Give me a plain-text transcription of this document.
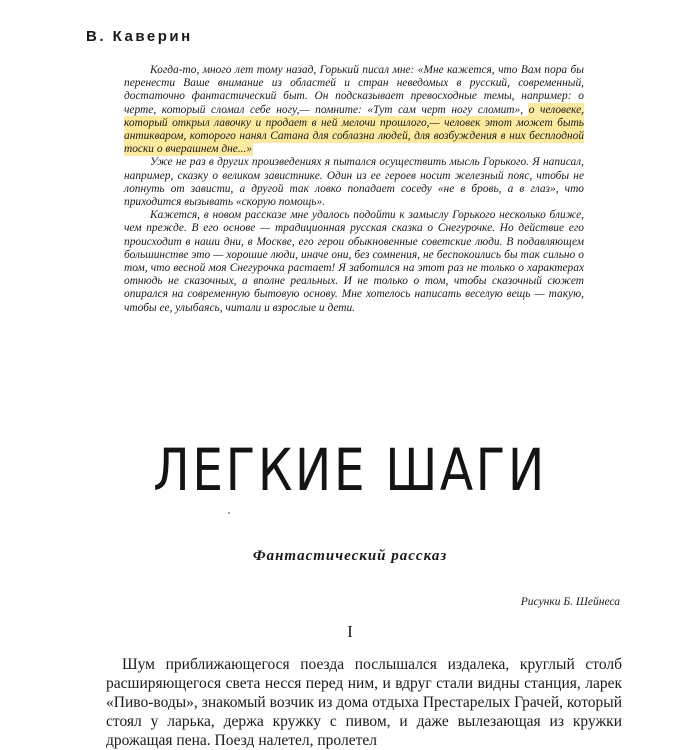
В. Каверин

Когда-то, много лет тому назад, Горький писал мне: «Мне кажется, что Вам пора бы перенести Ваше внимание из областей и стран неведомых в русский, современный, достаточно фантастический быт. Он подсказывает превосходные темы, например: о черте, который сломал себе ногу,— помните: «Тут сам черт ногу сломит», о человеке, который открыл лавочку и продает в ней мелочи прошлого,— человек этот может быть антикваром, которого нанял Сатана для соблазна людей, для возбуждения в них бесплодной тоски о вчерашнем дне...»

Уже не раз в других произведениях я пытался осуществить мысль Горького. Я написал, например, сказку о великом завистнике. Один из ее героев носит железный пояс, чтобы не лопнуть от зависти, а другой так ловко попадает соседу «не в бровь, а в глаз», что приходится вызывать «скорую помощь».

Кажется, в новом рассказе мне удалось подойти к замыслу Горького несколько ближе, чем прежде. В его основе — традиционная русская сказка о Снегурочке. Но действие его происходит в наши дни, в Москве, его герои обыкновенные советские люди. В подавляющем большинстве это — хорошие люди, иначе они, без сомнения, не беспокоились бы так сильно о том, что весной моя Снегурочка растает! Я заботился на этот раз не только о характерах отнюдь не сказочных, а вполне реальных. И не только о том, чтобы сказочный сюжет опирался на современную бытовую основу. Мне хотелось написать веселую вещь — такую, чтобы ее, улыбаясь, читали и взрослые и дети.

ЛЕГКИЕ ШАГИ
Фантастический рассказ
Рисунки Б. Шейнеса
I

Шум приближающегося поезда послышался издалека, круглый столб расширяющегося света несся перед ним, и вдруг стали видны станция, ларек «Пиво-воды», знакомый возчик из дома отдыха Престарелых Грачей, который стоял у ларька, держа кружку с пивом, и даже вылезающая из кружки дрожащая пена. Поезд налетел, пролетел
